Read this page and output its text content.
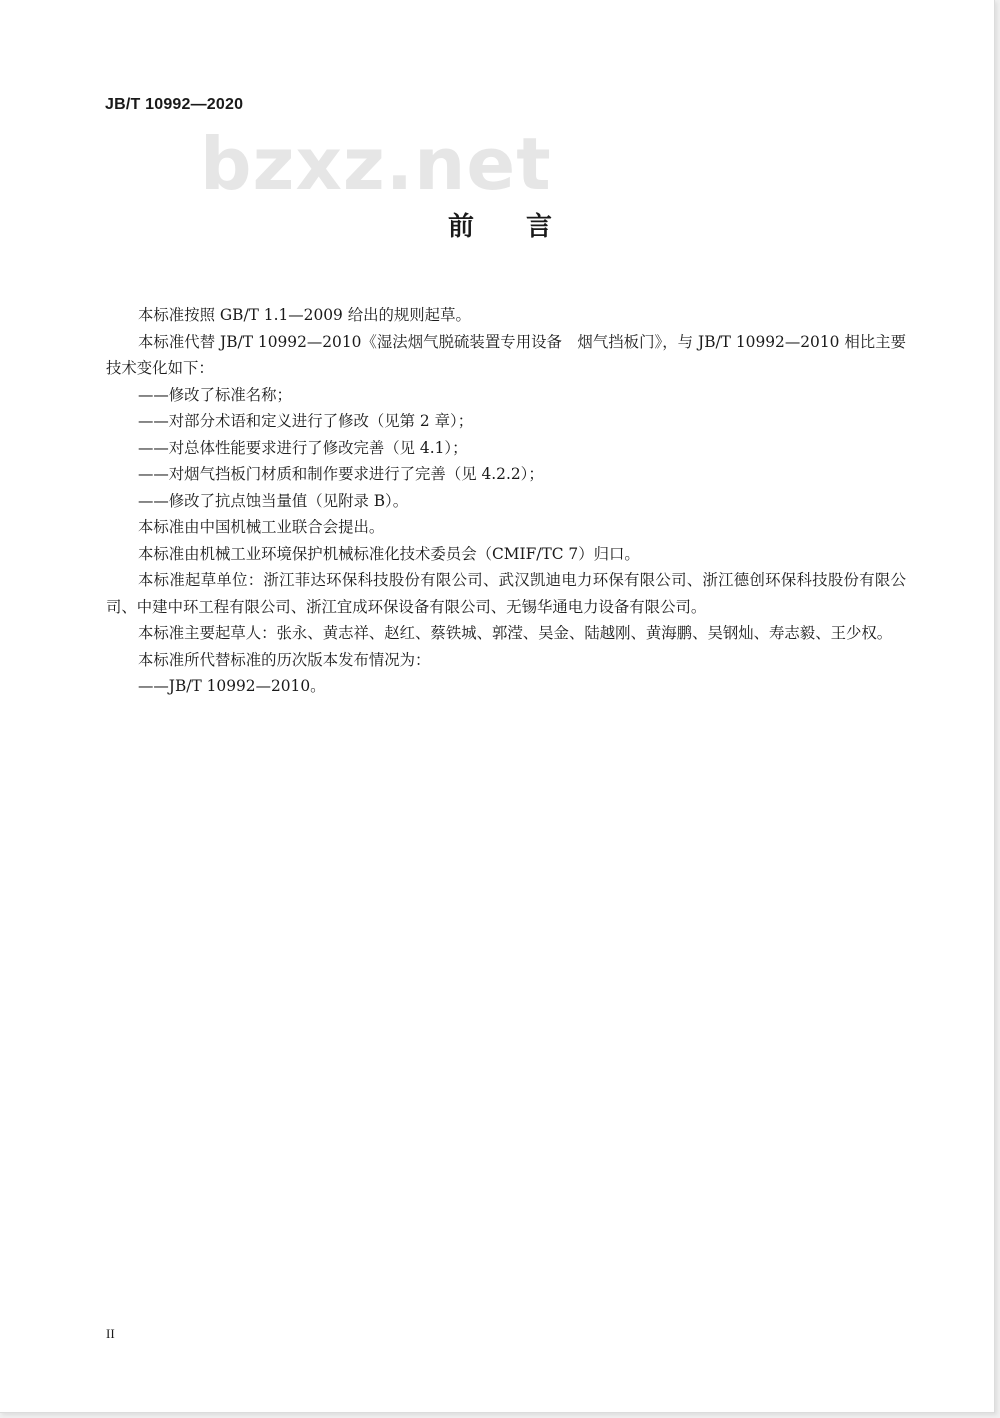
JB/T 10992—2020
bzxz.net
前 言

本标准按照 GB/T 1.1—2009 给出的规则起草。

本标准代替 JB/T 10992—2010《湿法烟气脱硫装置专用设备　烟气挡板门》，与 JB/T 10992—2010 相比主要技术变化如下：

——修改了标准名称；

——对部分术语和定义进行了修改（见第 2 章）；

——对总体性能要求进行了修改完善（见 4.1）；

——对烟气挡板门材质和制作要求进行了完善（见 4.2.2）；

——修改了抗点蚀当量值（见附录 B）。

本标准由中国机械工业联合会提出。

本标准由机械工业环境保护机械标准化技术委员会（CMIF/TC 7）归口。

本标准起草单位：浙江菲达环保科技股份有限公司、武汉凯迪电力环保有限公司、浙江德创环保科技股份有限公司、中建中环工程有限公司、浙江宜成环保设备有限公司、无锡华通电力设备有限公司。

本标准主要起草人：张永、黄志祥、赵红、蔡铁城、郭滢、吴金、陆越刚、黄海鹏、吴钢灿、寿志毅、王少权。

本标准所代替标准的历次版本发布情况为：

——JB/T 10992—2010。

II
